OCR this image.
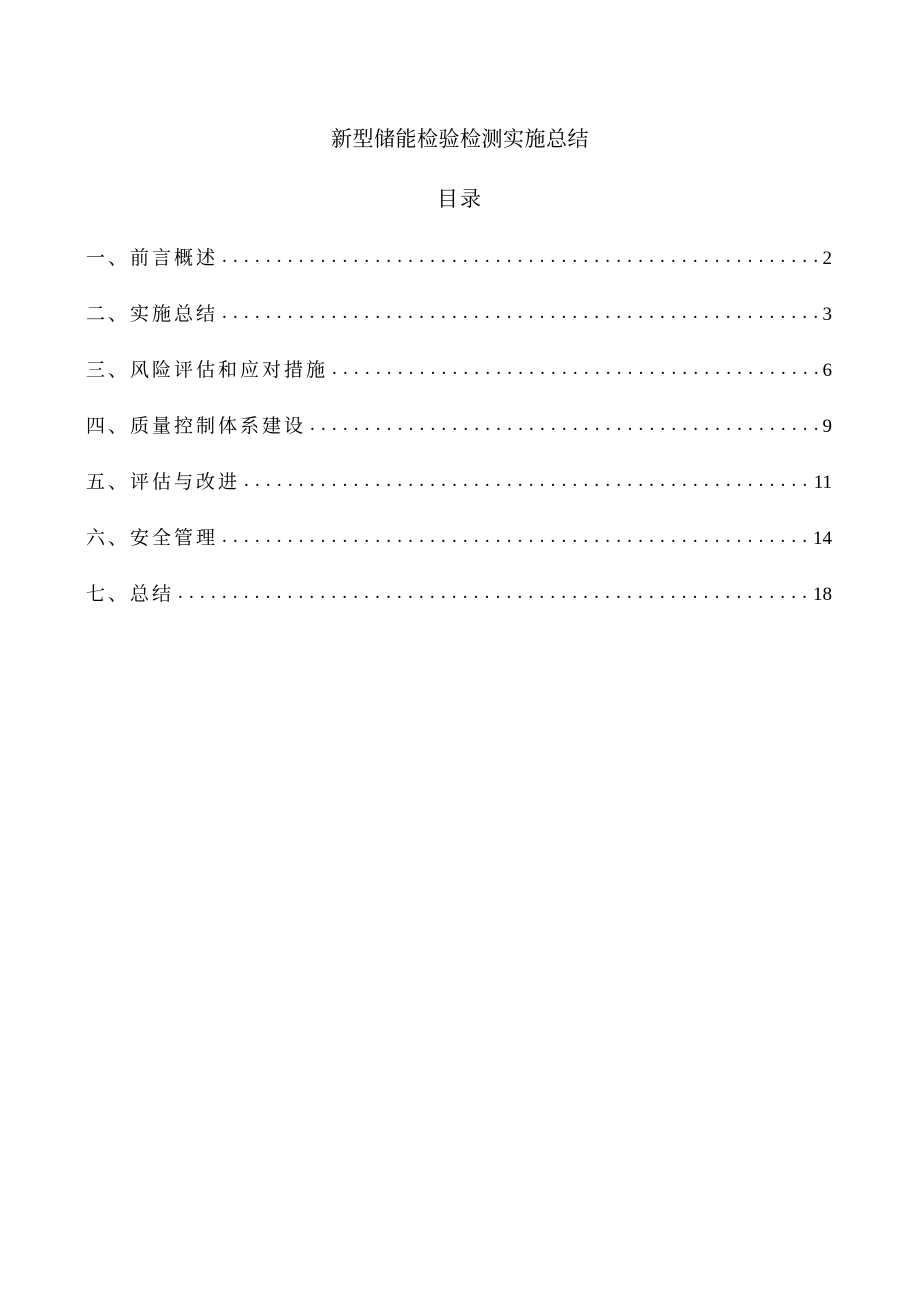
新型储能检验检测实施总结
目录
一、前言概述 .....	2
二、实施总结 .....	3
三、风险评估和应对措施 .....	6
四、质量控制体系建设 .....	9
五、评估与改进 .....	11
六、安全管理 .....	14
七、总结 .....	18
